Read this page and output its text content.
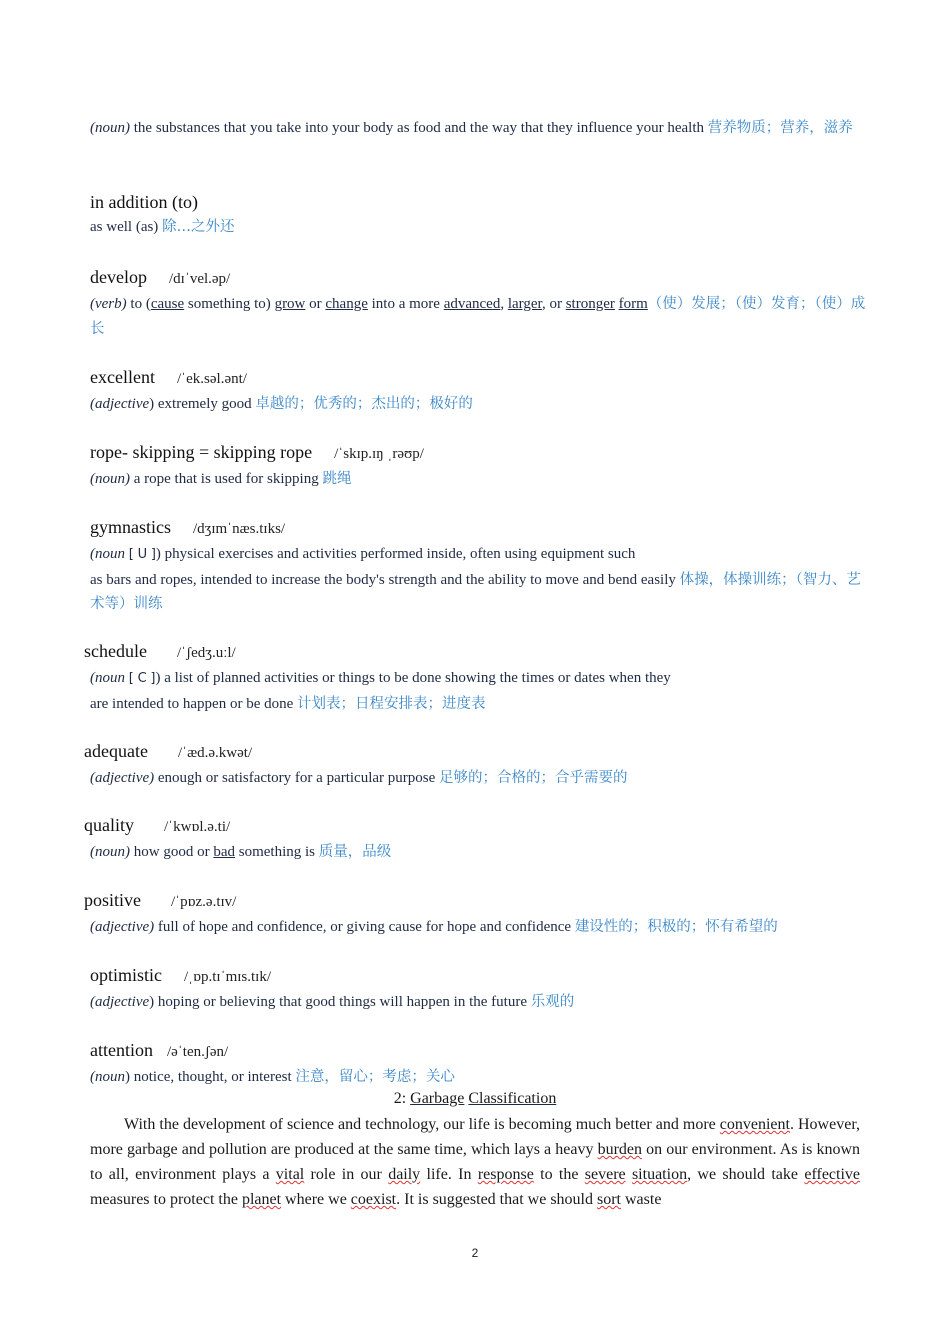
(noun) the substances that you take into your body as food and the way that they influence your health 营养物质；营养，滋养
in addition (to)
as well (as) 除…之外还
develop /dɪˈvel.əp/
(verb) to (cause something to) grow or change into a more advanced, larger, or stronger form（使）发展；（使）发育；（使）成长
excellent /ˈek.səl.ənt/
(adjective) extremely good 卓越的；优秀的；杰出的；极好的
rope- skipping = skipping rope /ˈskɪp.ɪŋ ˌrəʊp/
(noun) a rope that is used for skipping 跳绳
gymnastics /dʒɪmˈnæs.tɪks/
(noun [ U ]) physical exercises and activities performed inside, often using equipment such
as bars and ropes, intended to increase the body's strength and the ability to move and bend easily 体操，体操训练；（智力、艺术等）训练
schedule /ˈʃedʒ.uːl/
(noun [ C ]) a list of planned activities or things to be done showing the times or dates when they
are intended to happen or be done 计划表；日程安排表；进度表
adequate /ˈæd.ə.kwət/
(adjective) enough or satisfactory for a particular purpose 足够的；合格的；合乎需要的
quality /ˈkwɒl.ə.ti/
(noun) how good or bad something is 质量，品级
positive /ˈpɒz.ə.tɪv/
(adjective) full of hope and confidence, or giving cause for hope and confidence 建设性的；积极的；怀有希望的
optimistic /ˌɒp.tɪˈmɪs.tɪk/
(adjective) hoping or believing that good things will happen in the future 乐观的
attention /əˈten.ʃən/
(noun) notice, thought, or interest 注意，留心；考虑；关心
2: Garbage Classification

With the development of science and technology, our life is becoming much better and more convenient. However, more garbage and pollution are produced at the same time, which lays a heavy burden on our environment. As is known to all, environment plays a vital role in our daily life. In response to the severe situation, we should take effective measures to protect the planet where we coexist. It is suggested that we should sort waste

2
